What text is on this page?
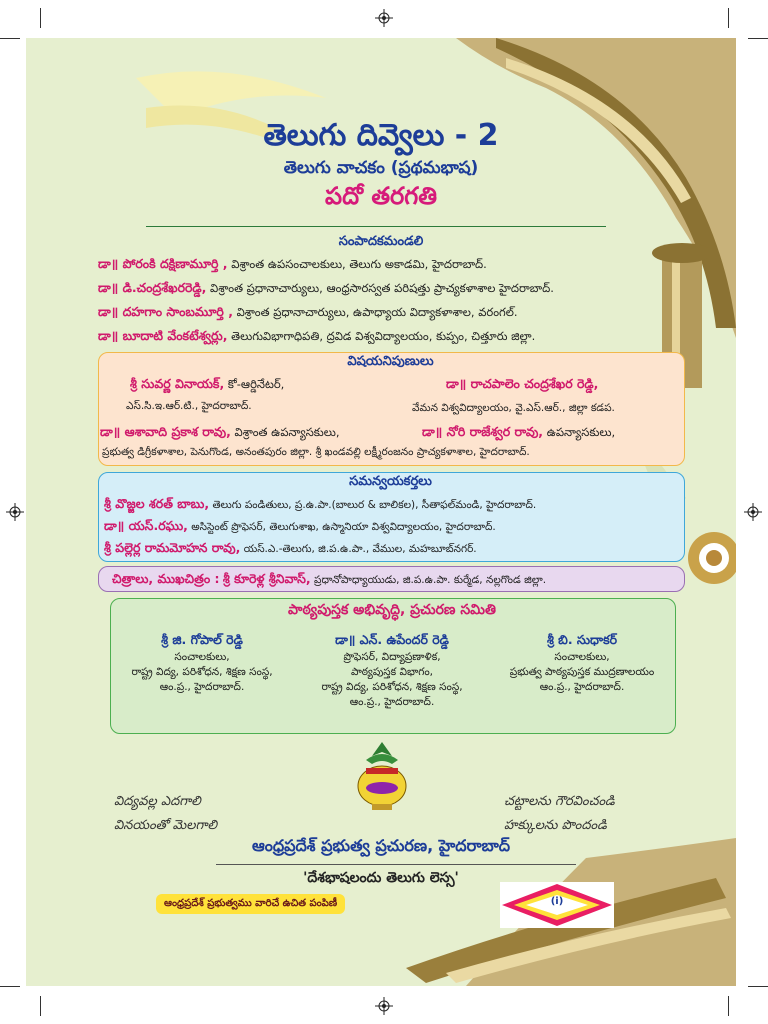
తెలుగు దివ్వెలు - 2
తెలుగు వాచకం (ప్రథమభాష)
పదో తరగతి
సంపాదకమండలి
డా॥ పోరంకి దక్షిణామూర్తి , విశ్రాంత ఉపసంచాలకులు, తెలుగు అకాడమి, హైదరాబాద్.
డా॥ డి.చంద్రశేఖరరెడ్డి, విశ్రాంత ప్రధానాచార్యులు, ఆంధ్రసారస్వత పరిషత్తు ప్రాచ్యకళాశాల హైదరాబాద్.
డా॥ దహగాం సాంబమూర్తి , విశ్రాంత ప్రధానాచార్యులు, ఉపాధ్యాయ విద్యాకళాశాల, వరంగల్.
డా॥ బూదాటి వేంకటేశ్వర్లు, తెలుగువిభాగాధిపతి, ద్రవిడ విశ్వవిద్యాలయం, కుప్పం, చిత్తూరు జిల్లా.
విషయనిపుణులు
శ్రీ సువర్ణ వినాయక్, కో-ఆర్డినేటర్,	డా॥ రాచపాలెం చంద్రశేఖర రెడ్డి,
ఎస్.సి.ఇ.ఆర్.టి., హైదరాబాద్.	వేమన విశ్వవిద్యాలయం, వై.ఎస్.ఆర్., జిల్లా కడప.
డా॥ ఆశావాది ప్రకాశ రావు, విశ్రాంత ఉపన్యాసకులు,	డా॥ నోరి రాజేశ్వర రావు, ఉపన్యాసకులు,
ప్రభుత్వ డిగ్రీకళాశాల, పెనుగొండ, అనంతపురం జిల్లా. శ్రీ ఖండవల్లి లక్ష్మీరంజనం ప్రాచ్యకళాశాల, హైదరాబాద్.
సమన్వయకర్తలు
శ్రీ వొజ్జల శరత్ బాబు, తెలుగు పండితులు, ప్ర.ఉ.పా.(బాలుర & బాలికల), సీతాఫల్‌మండి, హైదరాబాద్.
డా॥ యస్.రఘు, అసిస్టెంట్ ప్రొఫెసర్, తెలుగుశాఖ, ఉస్మానియా విశ్వవిద్యాలయం, హైదరాబాద్.
శ్రీ పల్లెర్ల రామమోహన రావు, యస్.ఎ.-తెలుగు, జి.ప.ఉ.పా., వేముల, మహబూబ్‌నగర్.
చిత్రాలు, ముఖచిత్రం : శ్రీ కూరెళ్ల శ్రీనివాస్, ప్రధానోపాధ్యాయుడు, జి.ప.ఉ.పా. కుర్మేడ, నల్లగొండ జిల్లా.
పాఠ్యపుస్తక అభివృద్ధి, ప్రచురణ సమితి
శ్రీ జి. గోపాల్ రెడ్డి
సంచాలకులు,
రాష్ట్ర విద్య, పరిశోధన, శిక్షణ సంస్థ,
ఆం.ప్ర., హైదరాబాద్.
డా॥ ఎన్. ఉపేందర్ రెడ్డి
ప్రొఫెసర్, విద్యాప్రణాళిక,
పాఠ్యపుస్తక విభాగం,
రాష్ట్ర విద్య, పరిశోధన, శిక్షణ సంస్థ,
ఆం.ప్ర., హైదరాబాద్.
శ్రీ బి. సుధాకర్
సంచాలకులు,
ప్రభుత్వ పాఠ్యపుస్తక ముద్రణాలయం
ఆం.ప్ర., హైదరాబాద్.
విద్యవల్ల ఎదగాలి
వినయంతో మెలగాలి
చట్టాలను గౌరవించండి
హక్కులను పొందండి
ఆంధ్రప్రదేశ్ ప్రభుత్వ ప్రచురణ, హైదరాబాద్
'దేశభాషలందు తెలుగు లెస్స'
ఆంధ్రప్రదేశ్ ప్రభుత్వము వారిచే ఉచిత పంపిణీ	(i)
